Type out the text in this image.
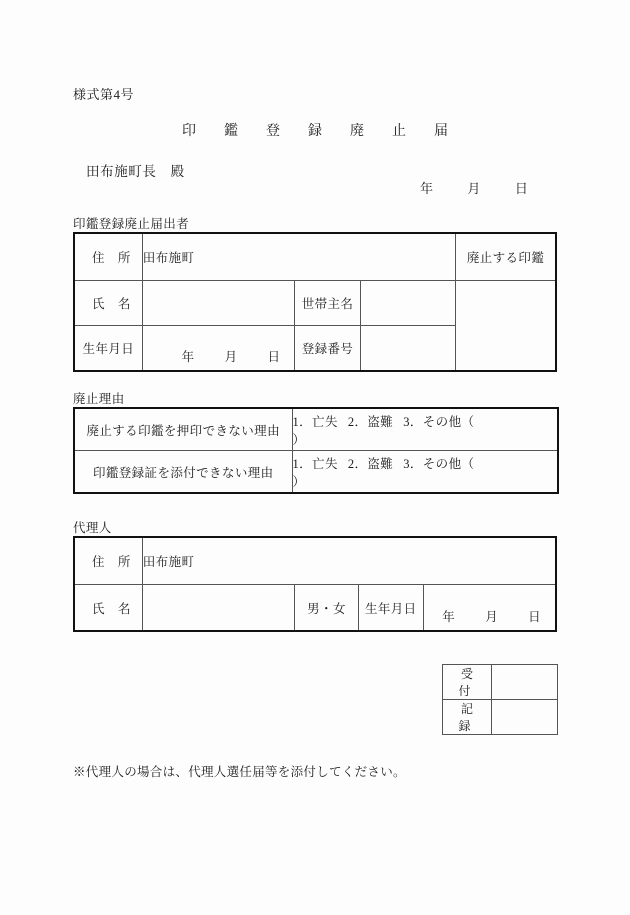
様式第4号
印　鑑　登　録　廃　止　届
田布施町長　殿
年	月	日
印鑑登録廃止届出者
住　所	田布施町			廃止する印鑑
氏　名		世帯主名		
生年月日	年 月 日	登録番号		
廃止理由
廃止する印鑑を押印できない理由	1．亡失 2．盗難 3．その他（）
印鑑登録証を添付できない理由	1．亡失 2．盗難 3．その他（）
代理人
住　所	田布施町			
氏　名		男・女	生年月日	年 月 日
受　付	
記　録	
※代理人の場合は、代理人選任届等を添付してください。
